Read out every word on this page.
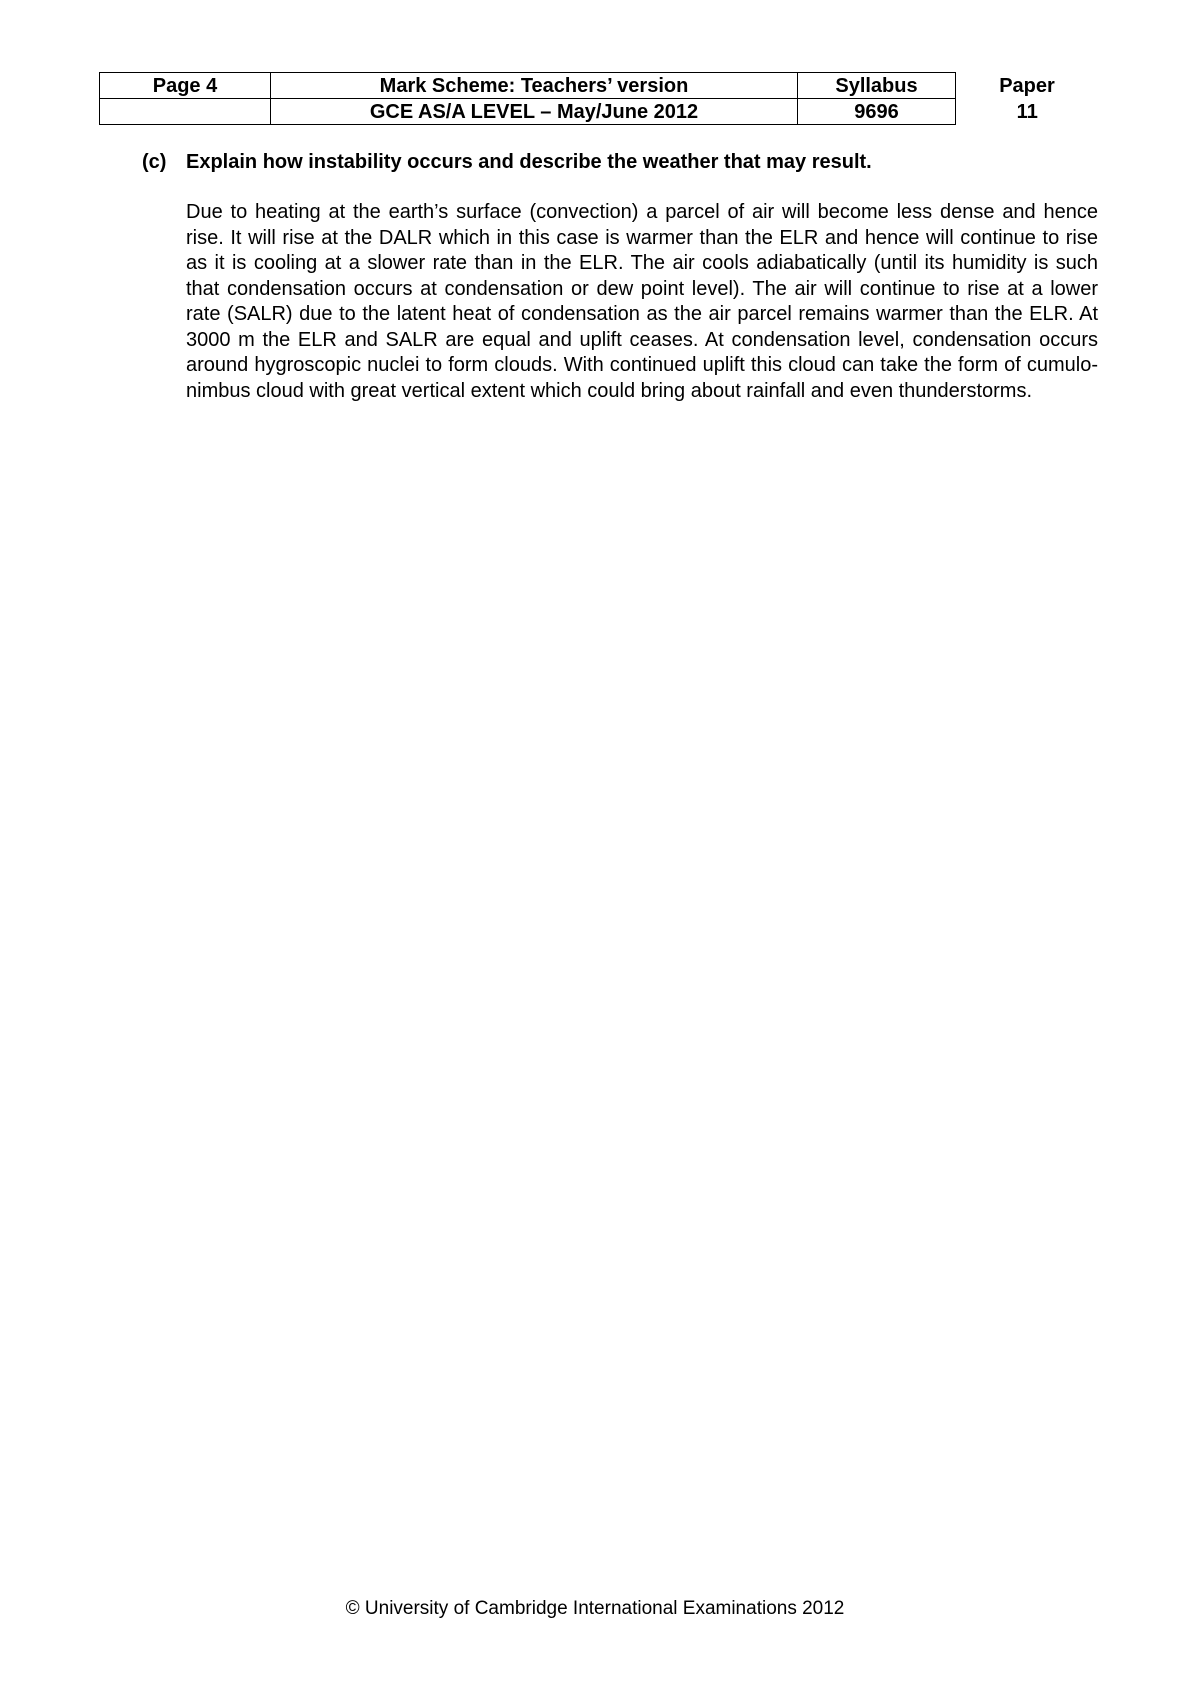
Page 4	Mark Scheme: Teachers’ version	Syllabus	Paper
	GCE AS/A LEVEL – May/June 2012	9696	11
(c) Explain how instability occurs and describe the weather that may result.

Due to heating at the earth’s surface (convection) a parcel of air will become less dense and hence rise. It will rise at the DALR which in this case is warmer than the ELR and hence will continue to rise as it is cooling at a slower rate than in the ELR. The air cools adiabatically (until its humidity is such that condensation occurs at condensation or dew point level). The air will continue to rise at a lower rate (SALR) due to the latent heat of condensation as the air parcel remains warmer than the ELR. At 3000 m the ELR and SALR are equal and uplift ceases. At condensation level, condensation occurs around hygroscopic nuclei to form clouds. With continued uplift this cloud can take the form of cumulo-nimbus cloud with great vertical extent which could bring about rainfall and even thunderstorms.

© University of Cambridge International Examinations 2012
